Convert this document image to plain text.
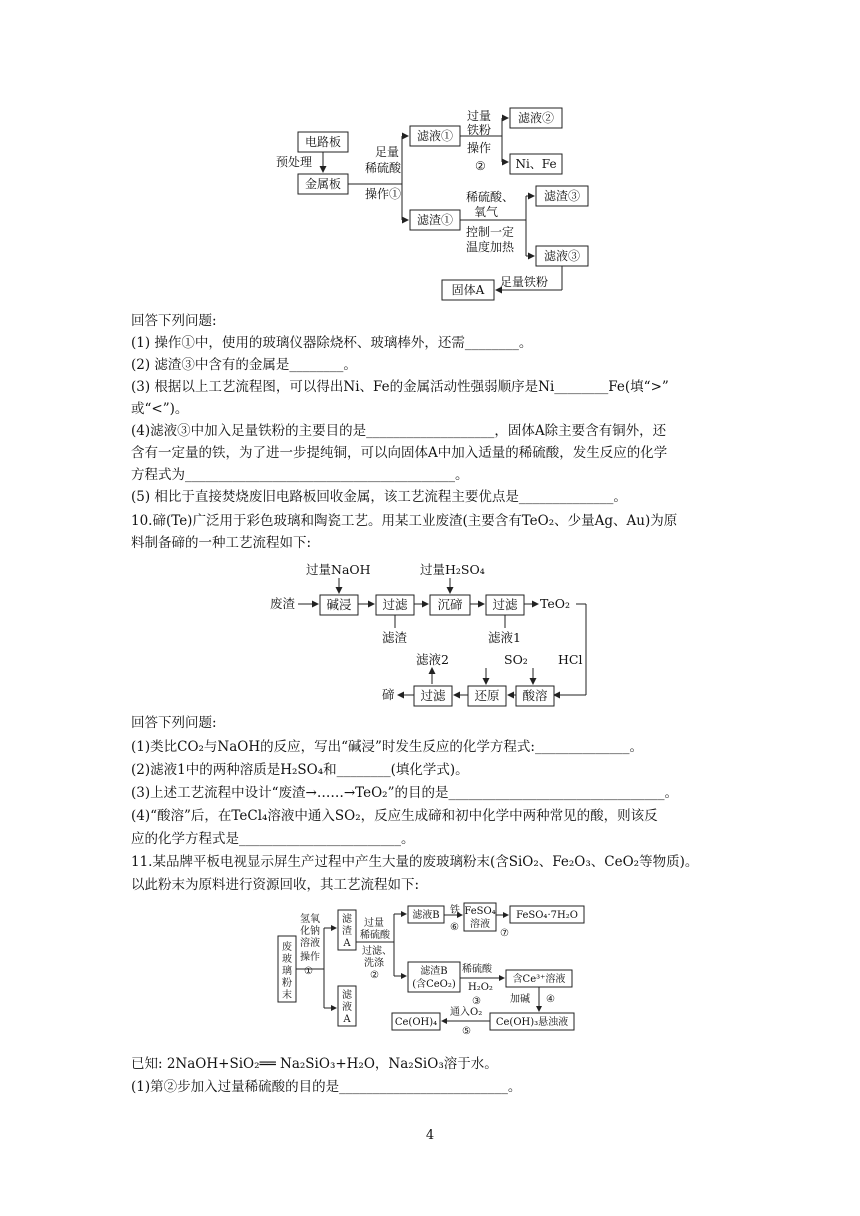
电路板
预处理
金属板
足量
稀硫酸
操作①
滤液①
过量
铁粉
操作
②
滤液②
Ni、Fe
滤渣①
稀硫酸、
氧气
控制一定
温度加热
滤渣③
滤液③
足量铁粉
固体A
回答下列问题:
(1) 操作①中，使用的玻璃仪器除烧杯、玻璃棒外，还需________。
(2) 滤渣③中含有的金属是________。
(3) 根据以上工艺流程图，可以得出Ni、Fe的金属活动性强弱顺序是Ni________Fe(填“>”
或“<”)。
(4)滤液③中加入足量铁粉的主要目的是___________________，固体A除主要含有铜外，还
含有一定量的铁，为了进一步提纯铜，可以向固体A中加入适量的稀硫酸，发生反应的化学
方程式为________________________________________。
(5) 相比于直接焚烧废旧电路板回收金属，该工艺流程主要优点是______________。
10.碲(Te)广泛用于彩色玻璃和陶瓷工艺。用某工业废渣(主要含有TeO₂、少量Ag、Au)为原
料制备碲的一种工艺流程如下:
过量NaOH	过量H₂SO₄
废渣	碱浸 过滤 沉碲 过滤 TeO₂
滤渣	滤液1
滤液2	SO₂ HCl
碲 过滤 还原 酸溶
回答下列问题:
(1)类比CO₂与NaOH的反应，写出“碱浸”时发生反应的化学方程式:______________。
(2)滤液1中的两种溶质是H₂SO₄和________(填化学式)。
(3)上述工艺流程中设计“废渣→……→TeO₂”的目的是________________________________。
(4)“酸溶”后，在TeCl₄溶液中通入SO₂，反应生成碲和初中化学中两种常见的酸，则该反
应的化学方程式是________________________。
11.某品牌平板电视显示屏生产过程中产生大量的废玻璃粉末(含SiO₂、Fe₂O₃、CeO₂等物质)。
以此粉末为原料进行资源回收，其工艺流程如下:
废玻璃粉末
氢氧
化钠
溶液
操作
①
滤
渣
A
滤
液
A
过量
稀硫酸
过滤、
洗涤
②
滤液B 铁
⑥
FeSO₄
溶液
⑦
FeSO₄·7H₂O
滤渣B
(含CeO₂)
稀硫酸
H₂O₂
③
含Ce³⁺溶液
加碱 ④
Ce(OH)₃悬浊液
通入O₂
⑤
Ce(OH)₄
已知: 2NaOH+SiO₂══ Na₂SiO₃+H₂O，Na₂SiO₃溶于水。
(1)第②步加入过量稀硫酸的目的是_________________________。
4
